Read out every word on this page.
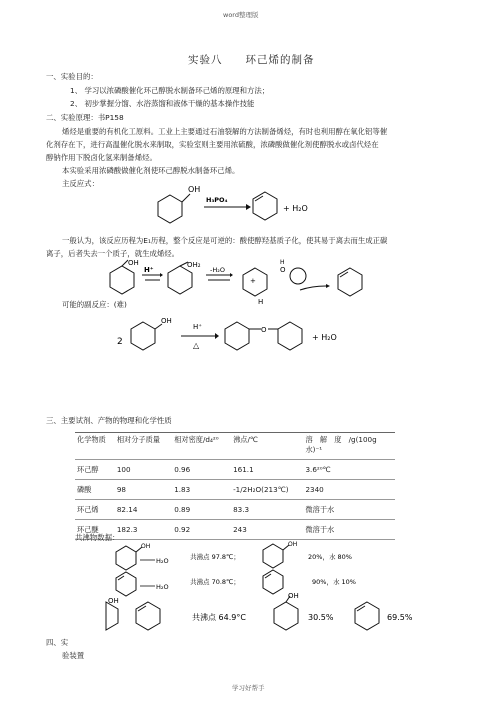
word整理版
学习好帮手
实验八　　环己烯的制备
一、实验目的：
1、 学习以浓磷酸催化环己醇脱水制备环己烯的原理和方法；
2、 初步掌握分馏、水浴蒸馏和液体干燥的基本操作技能
二、实验原理：书P158
烯烃是重要的有机化工原料。工业上主要通过石油裂解的方法制备烯烃，有时也利用醇在氧化铝等催
化剂存在下，进行高温催化脱水来制取，实验室则主要用浓硫酸，浓磷酸做催化剂使醇脱水或卤代烃在
醇钠作用下脱卤化氢来制备烯烃。
本实验采用浓磷酸做催化剂使环己醇脱水制备环己烯。
主反应式：
OH
H₃PO₄
+ H₂O
一般认为，该反应历程为E₁历程，整个反应是可逆的：酸使醇羟基质子化，使其易于离去而生成正碳
离子，后者失去一个质子，就生成烯烃。
OH
H⁺
OH₂
-H₂O
+
H
O
H
可能的副反应：(难)
2
OH
H⁺
△
O
+ H₂O
三、主要试剂、产物的物理和化学性质
化学物质	相对分子质量	相对密度/d₄²⁰	沸点/℃	溶　解　度　/g(100g
水)⁻¹
环己醇	100	0.96	161.1	3.6²⁰℃
磷酸	98	1.83	-1/2H₂O(213℃)	2340
环己烯	82.14	0.89	83.3	微溶于水
环己醚	182.3	0.92	243	微溶于水
共沸物数据：
OH
H₂O	共沸点 97.8℃；
OH
20%，水 80%
H₂O
共沸点 70.8℃；	90%，水 10%
OH
共沸点 64.9°C
OH
30.5%	69.5%
四、实
验装置
